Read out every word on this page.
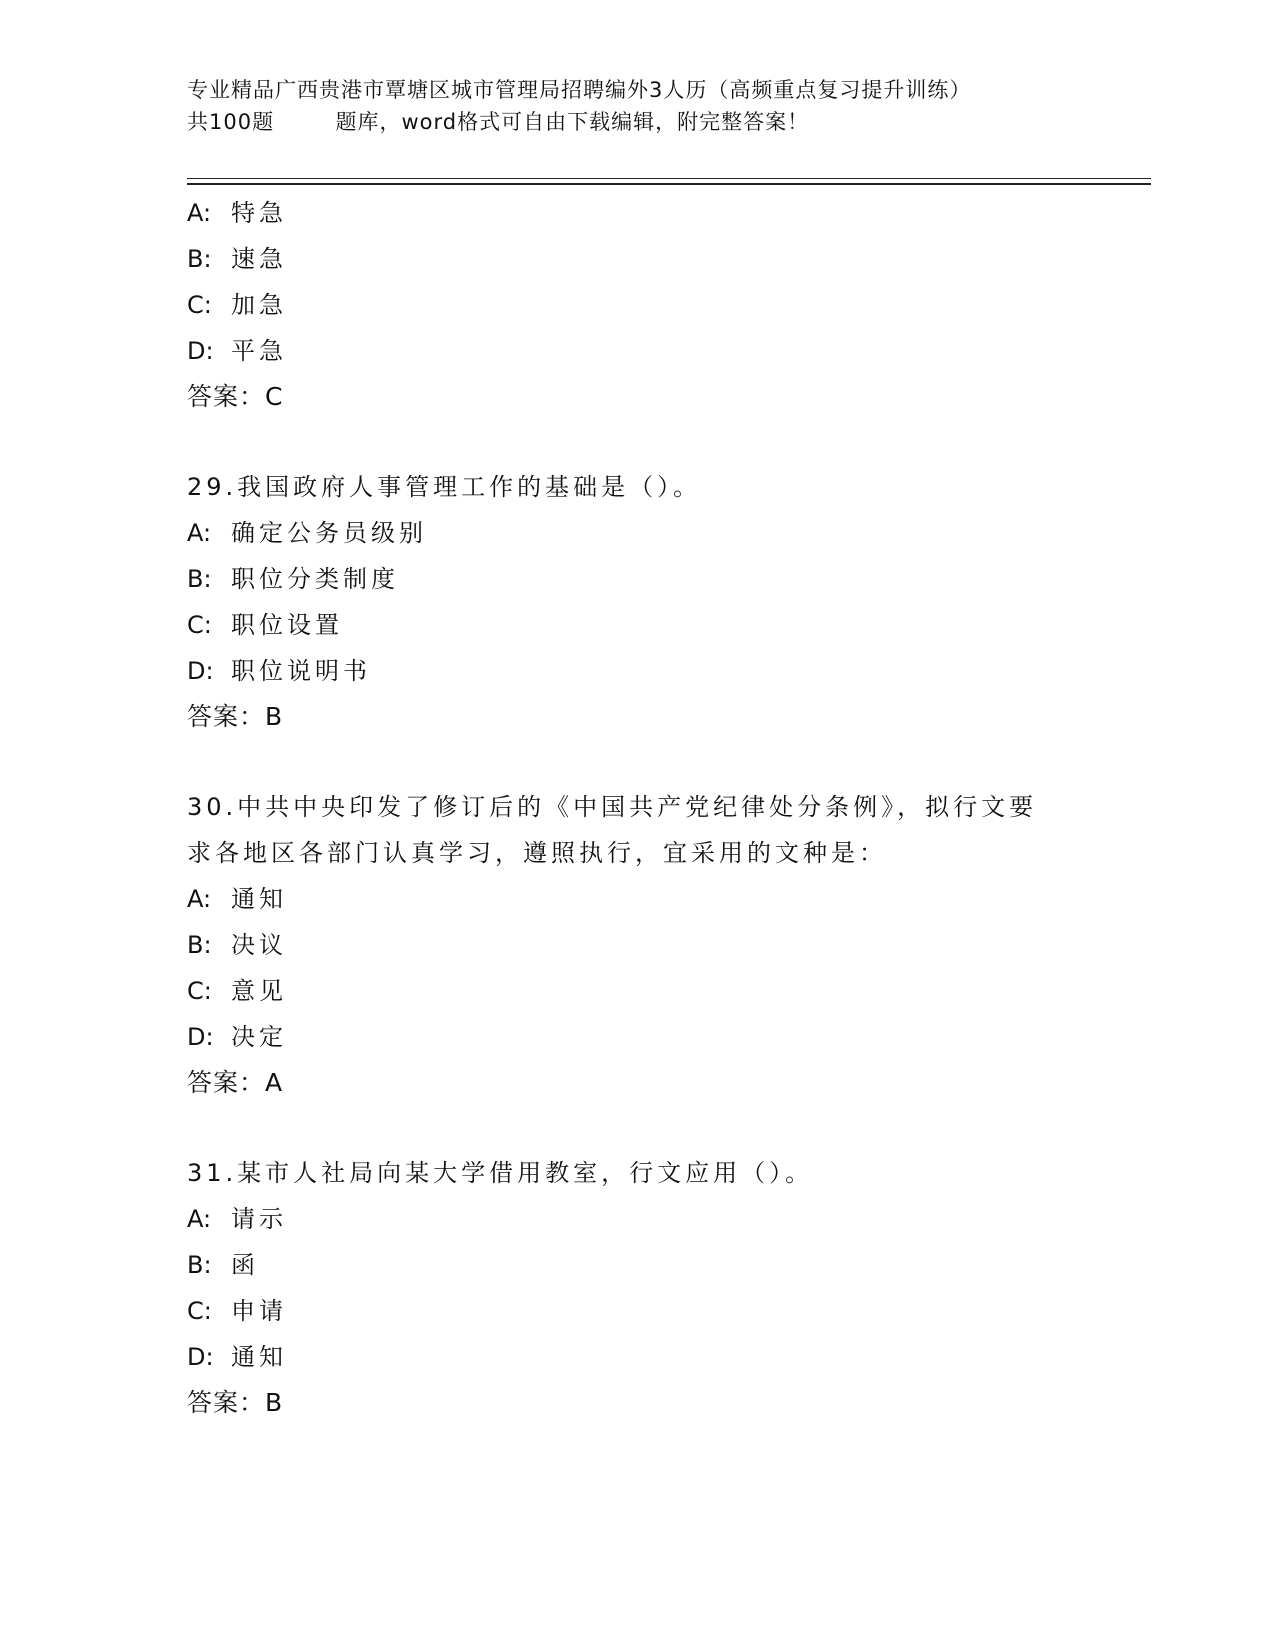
专业精品广西贵港市覃塘区城市管理局招聘编外3人历（高频重点复习提升训练）
共100题        题库，word格式可自由下载编辑，附完整答案！
A: 特急
B: 速急
C: 加急
D: 平急
答案：C
29.我国政府人事管理工作的基础是（）。
A: 确定公务员级别
B: 职位分类制度
C: 职位设置
D: 职位说明书
答案：B
30.中共中央印发了修订后的《中国共产党纪律处分条例》，拟行文要
求各地区各部门认真学习，遵照执行，宜采用的文种是：
A: 通知
B: 决议
C: 意见
D: 决定
答案：A
31.某市人社局向某大学借用教室，行文应用（）。
A: 请示
B: 函
C: 申请
D: 通知
答案：B
